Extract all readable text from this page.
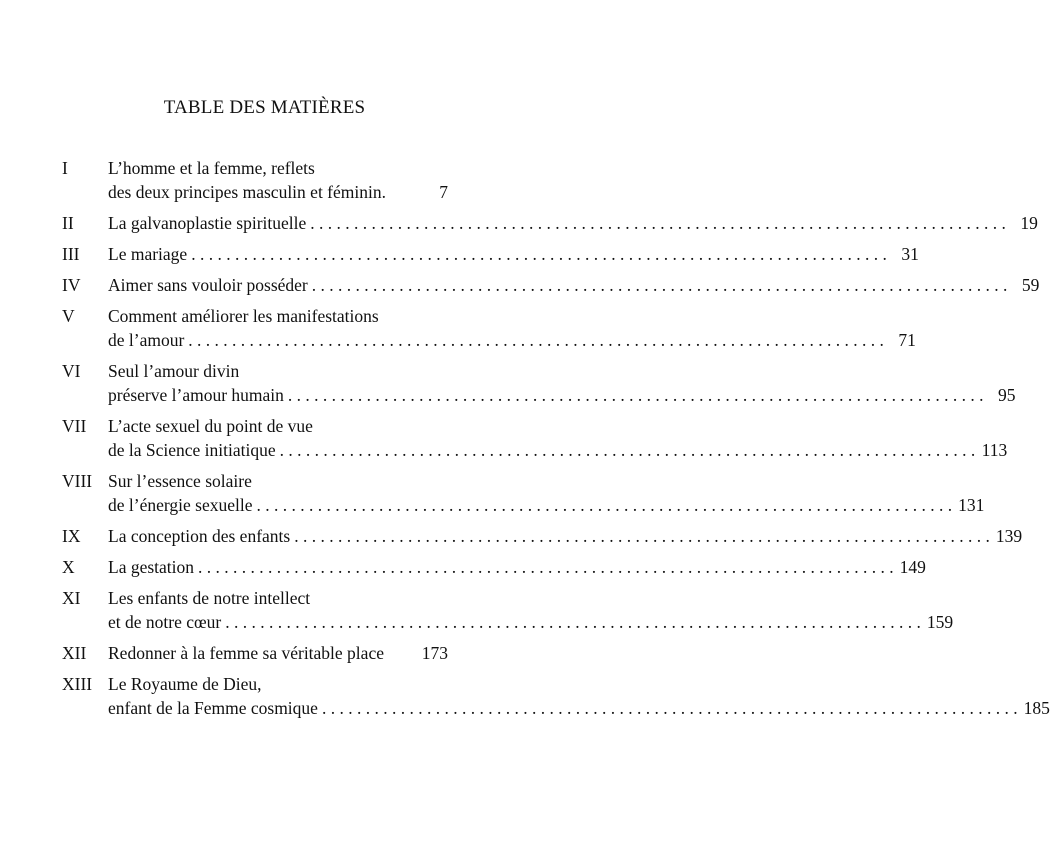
TABLE DES MATIÈRES
I	L’homme et la femme, reflets
des deux principes masculin et féminin.	7
II	La galvanoplastie spirituelle . . . . . . . . . . . . . . . . . . . . . . . . . . . . . . . . . . . . . . . . . . . . . . . . . . . . . . . . . . . . . . . . . . . . . . . . . . . . . . . . 19
III	Le mariage . . . . . . . . . . . . . . . . . . . . . . . . . . . . . . . . . . . . . . . . . . . . . . . . . . . . . . . . . . . . . . . . . . . . . . . . . . . . . . . . 31
IV	Aimer sans vouloir posséder . . . . . . . . . . . . . . . . . . . . . . . . . . . . . . . . . . . . . . . . . . . . . . . . . . . . . . . . . . . . . . . . . . . . . . . . . . . . . . . . 59
V	Comment améliorer les manifestations
de l’amour . . . . . . . . . . . . . . . . . . . . . . . . . . . . . . . . . . . . . . . . . . . . . . . . . . . . . . . . . . . . . . . . . . . . . . . . . . . . . . . . 71
VI	Seul l’amour divin
préserve l’amour humain . . . . . . . . . . . . . . . . . . . . . . . . . . . . . . . . . . . . . . . . . . . . . . . . . . . . . . . . . . . . . . . . . . . . . . . . . . . . . . . . 95
VII	L’acte sexuel du point de vue
de la Science initiatique . . . . . . . . . . . . . . . . . . . . . . . . . . . . . . . . . . . . . . . . . . . . . . . . . . . . . . . . . . . . . . . . . . . . . . . . . . . . . . . . 113
VIII Sur l’essence solaire
de l’énergie sexuelle . . . . . . . . . . . . . . . . . . . . . . . . . . . . . . . . . . . . . . . . . . . . . . . . . . . . . . . . . . . . . . . . . . . . . . . . . . . . . . . . 131
IX	La conception des enfants . . . . . . . . . . . . . . . . . . . . . . . . . . . . . . . . . . . . . . . . . . . . . . . . . . . . . . . . . . . . . . . . . . . . . . . . . . . . . . . . 139
X	La gestation . . . . . . . . . . . . . . . . . . . . . . . . . . . . . . . . . . . . . . . . . . . . . . . . . . . . . . . . . . . . . . . . . . . . . . . . . . . . . . . . 149
XI	Les enfants de notre intellect
et de notre cœur . . . . . . . . . . . . . . . . . . . . . . . . . . . . . . . . . . . . . . . . . . . . . . . . . . . . . . . . . . . . . . . . . . . . . . . . . . . . . . . . 159
XII	Redonner à la femme sa véritable place 173
XIII Le Royaume de Dieu,
enfant de la Femme cosmique . . . . . . . . . . . . . . . . . . . . . . . . . . . . . . . . . . . . . . . . . . . . . . . . . . . . . . . . . . . . . . . . . . . . . . . . . . . . . . . . 185
